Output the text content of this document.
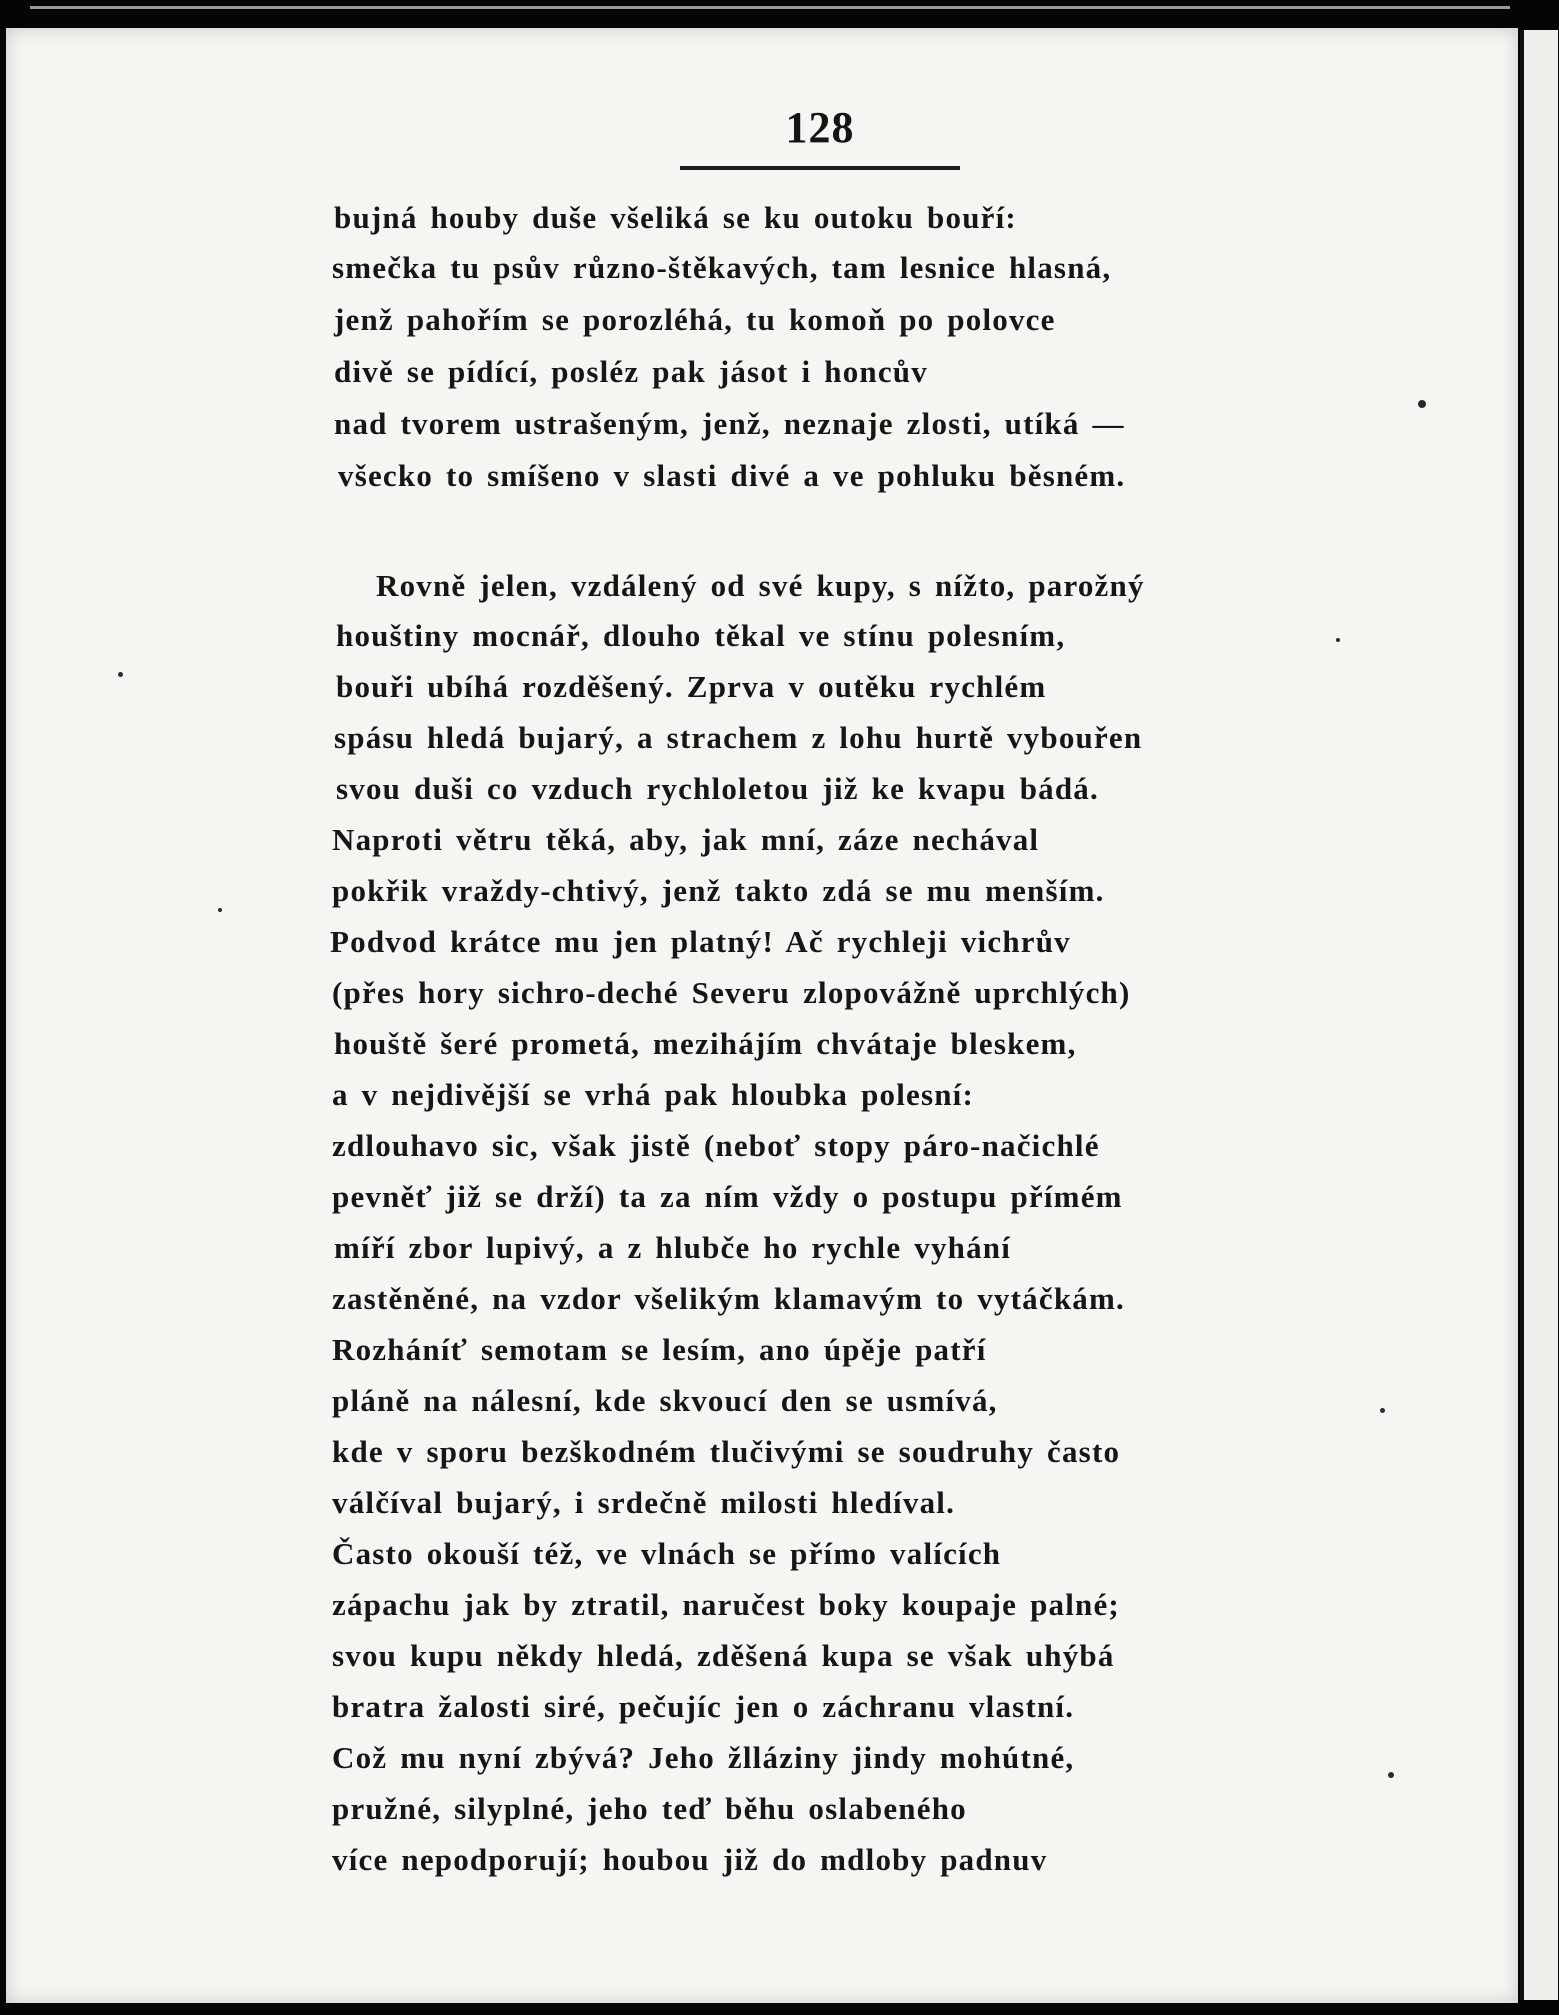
128
bujná houby duše všeliká se ku outoku bouří:
smečka tu psův různo-štěkavých, tam lesnice hlasná,
jenž pahořím se porozléhá, tu komoň po polovce
divě se pídící, posléz pak jásot i honcův
nad tvorem ustrašeným, jenž, neznaje zlosti, utíká —
všecko to smíšeno v slasti divé a ve pohluku běsném.
Rovně jelen, vzdálený od své kupy, s nížto, parožný
houštiny mocnář, dlouho těkal ve stínu polesním,
bouři ubíhá rozděšený. Zprva v outěku rychlém
spásu hledá bujarý, a strachem z lohu hurtě vybouřen
svou duši co vzduch rychloletou již ke kvapu bádá.
Naproti větru těká, aby, jak mní, záze nechával
pokřik vraždy-chtivý, jenž takto zdá se mu menším.
Podvod krátce mu jen platný! Ač rychleji vichrův
(přes hory sichro-deché Severu zlopovážně uprchlých)
houště šeré prometá, mezihájím chvátaje bleskem,
a v nejdivější se vrhá pak hloubka polesní:
zdlouhavo sic, však jistě (neboť stopy páro-načichlé
pevněť již se drží) ta za ním vždy o postupu přímém
míří zbor lupivý, a z hlubče ho rychle vyhání
zastěněné, na vzdor všelikým klamavým to vytáčkám.
Rozháníť semotam se lesím, ano úpěje patří
pláně na nálesní, kde skvoucí den se usmívá,
kde v sporu bezškodném tlučivými se soudruhy často
válčíval bujarý, i srdečně milosti hledíval.
Často okouší též, ve vlnách se přímo valících
zápachu jak by ztratil, naručest boky koupaje palné;
svou kupu někdy hledá, zděšená kupa se však uhýbá
bratra žalosti siré, pečujíc jen o záchranu vlastní.
Což mu nyní zbývá? Jeho žlláziny jindy mohútné,
pružné, silyplné, jeho teď běhu oslabeného
více nepodporují; houbou již do mdloby padnuv
